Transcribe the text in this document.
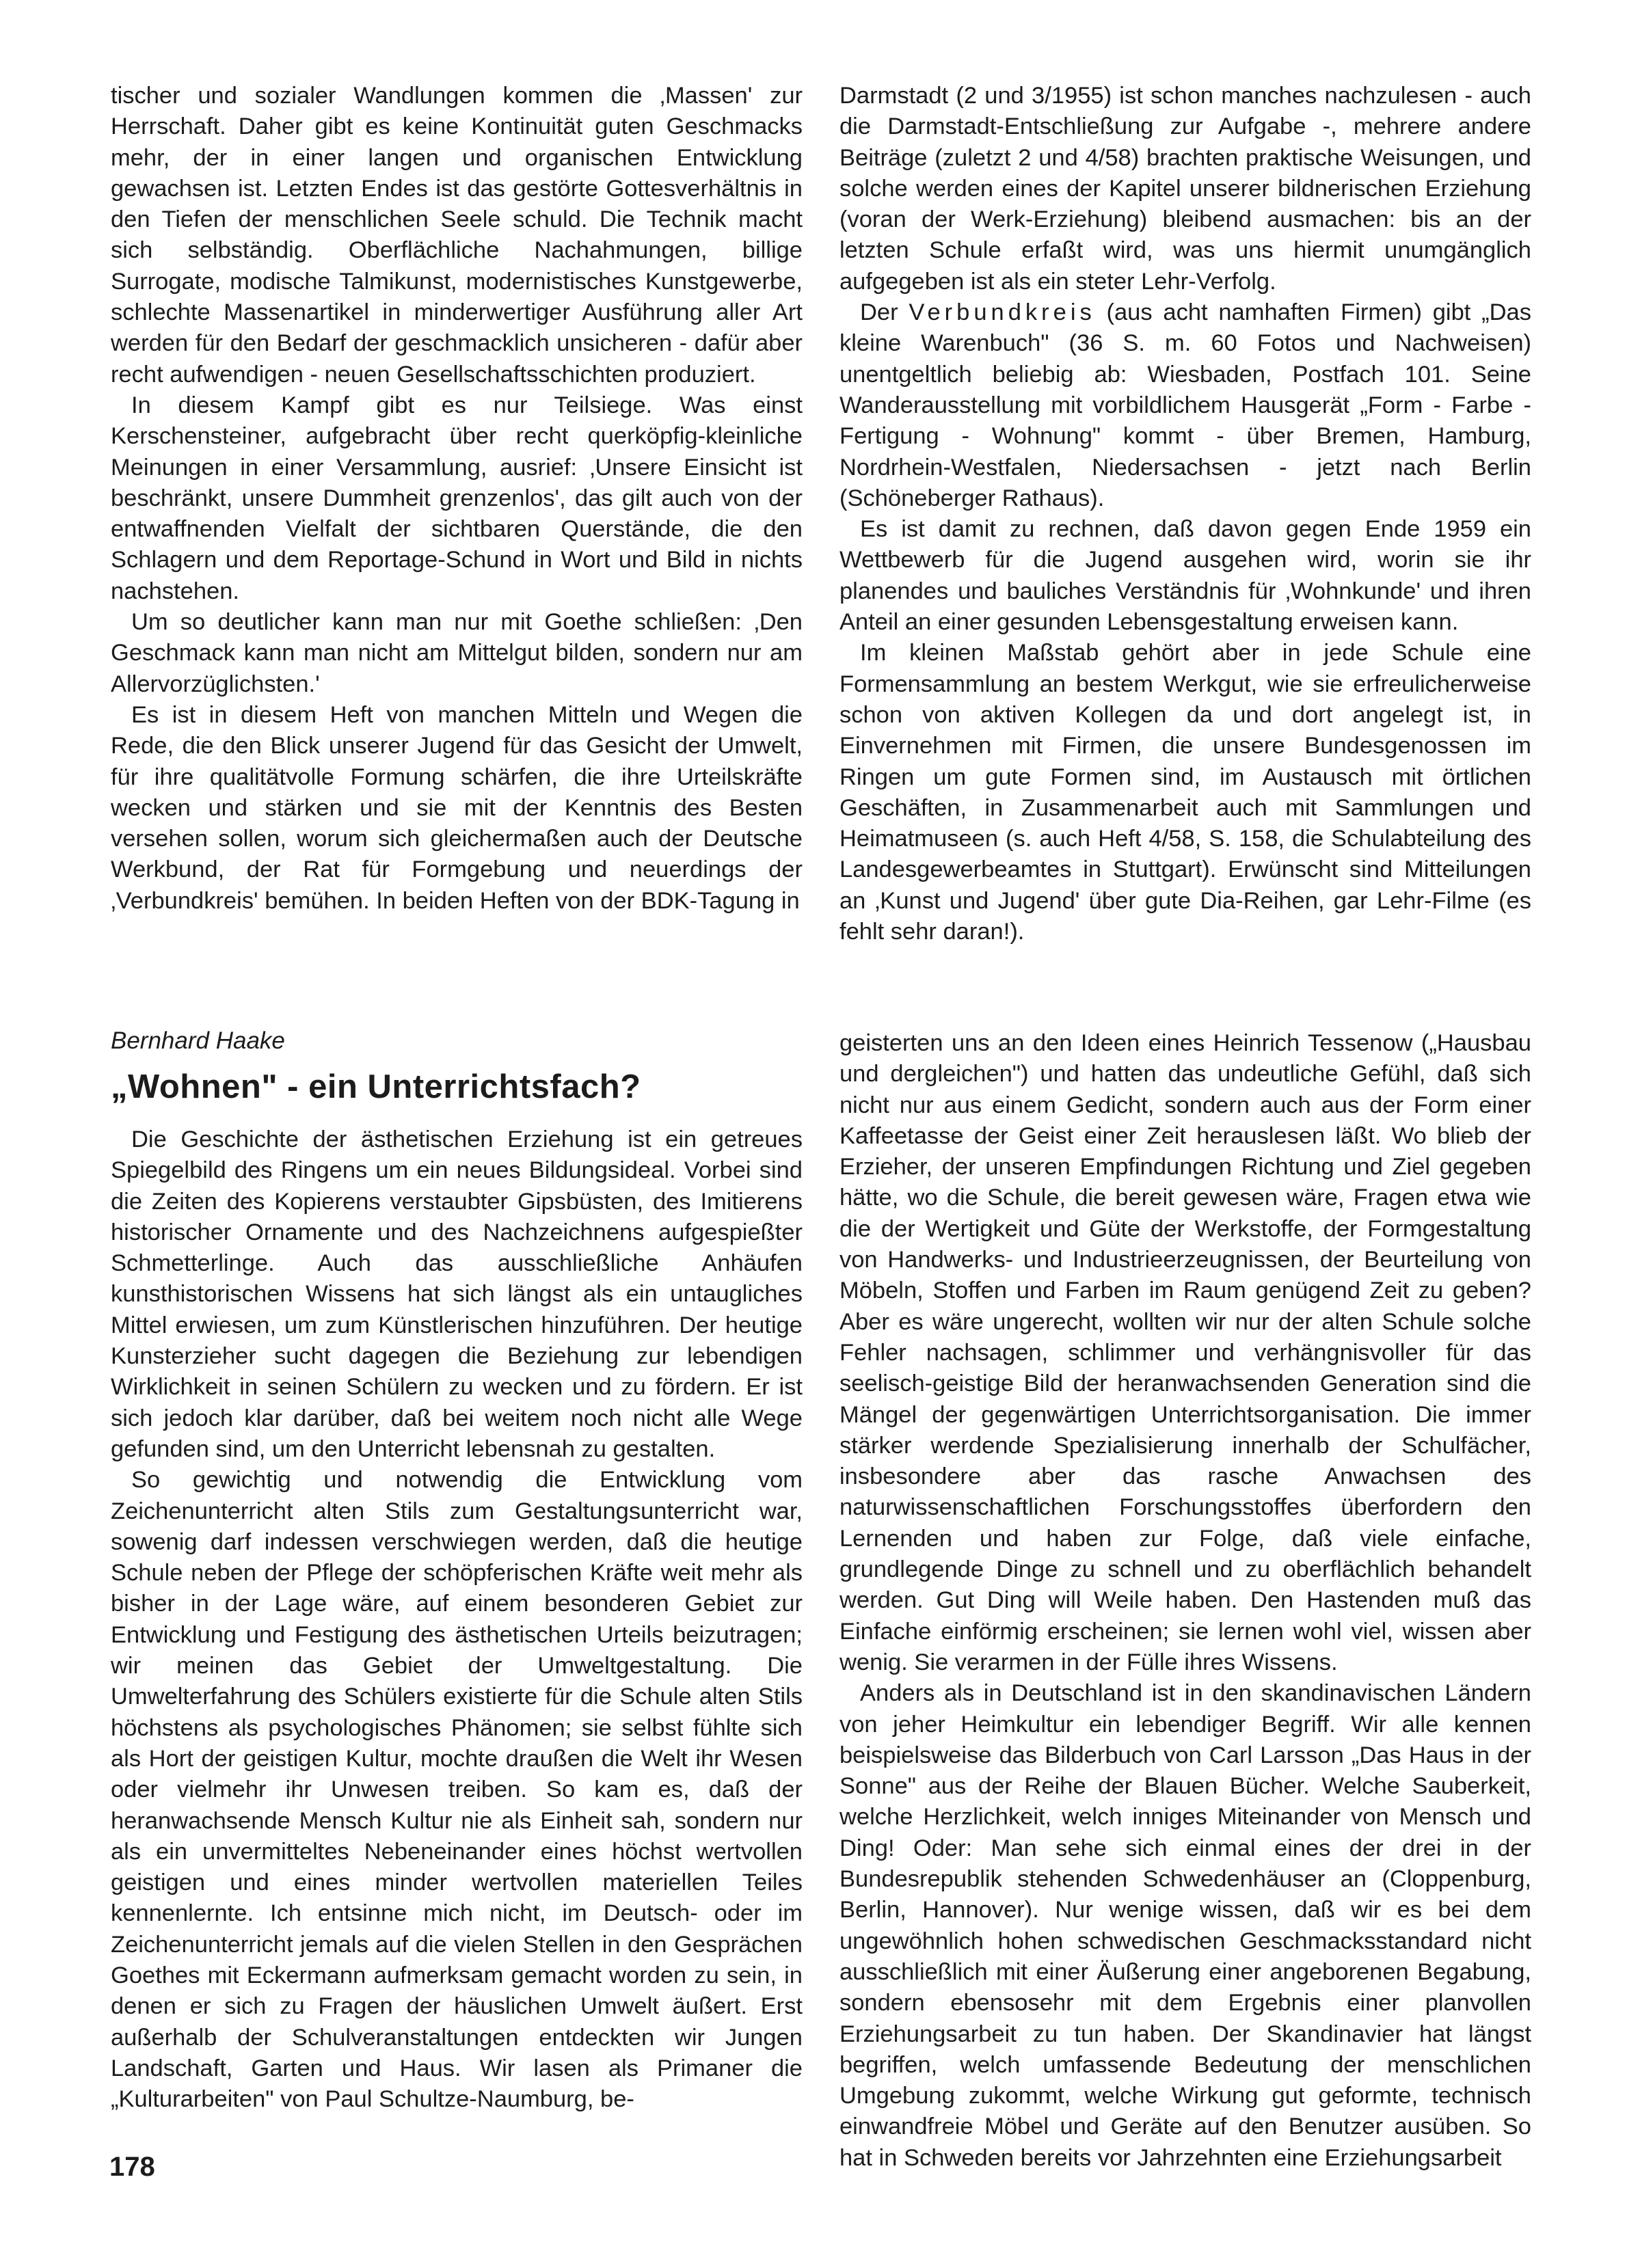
tischer und sozialer Wandlungen kommen die ‚Massen' zur Herrschaft. Daher gibt es keine Kontinuität guten Geschmacks mehr, der in einer langen und organischen Entwicklung gewachsen ist. Letzten Endes ist das gestörte Gottesverhältnis in den Tiefen der menschlichen Seele schuld. Die Technik macht sich selbständig. Oberflächliche Nachahmungen, billige Surrogate, modische Talmikunst, modernistisches Kunstgewerbe, schlechte Massenartikel in minderwertiger Ausführung aller Art werden für den Bedarf der geschmacklich unsicheren - dafür aber recht aufwendigen - neuen Gesellschaftsschichten produziert.

In diesem Kampf gibt es nur Teilsiege. Was einst Kerschensteiner, aufgebracht über recht querköpfig-kleinliche Meinungen in einer Versammlung, ausrief: ‚Unsere Einsicht ist beschränkt, unsere Dummheit grenzenlos', das gilt auch von der entwaffnenden Vielfalt der sichtbaren Querstände, die den Schlagern und dem Reportage-Schund in Wort und Bild in nichts nachstehen.

Um so deutlicher kann man nur mit Goethe schließen: ‚Den Geschmack kann man nicht am Mittelgut bilden, sondern nur am Allervorzüglichsten.'

Es ist in diesem Heft von manchen Mitteln und Wegen die Rede, die den Blick unserer Jugend für das Gesicht der Umwelt, für ihre qualitätvolle Formung schärfen, die ihre Urteilskräfte wecken und stärken und sie mit der Kenntnis des Besten versehen sollen, worum sich gleichermaßen auch der Deutsche Werkbund, der Rat für Formgebung und neuerdings der ‚Verbundkreis' bemühen. In beiden Heften von der BDK-Tagung in

Darmstadt (2 und 3/1955) ist schon manches nachzulesen - auch die Darmstadt-Entschließung zur Aufgabe -, mehrere andere Beiträge (zuletzt 2 und 4/58) brachten praktische Weisungen, und solche werden eines der Kapitel unserer bildnerischen Erziehung (voran der Werk-Erziehung) bleibend ausmachen: bis an der letzten Schule erfaßt wird, was uns hiermit unumgänglich aufgegeben ist als ein steter Lehr-Verfolg.

Der Verbundkreis (aus acht namhaften Firmen) gibt „Das kleine Warenbuch" (36 S. m. 60 Fotos und Nachweisen) unentgeltlich beliebig ab: Wiesbaden, Postfach 101. Seine Wanderausstellung mit vorbildlichem Hausgerät „Form - Farbe - Fertigung - Wohnung" kommt - über Bremen, Hamburg, Nordrhein-Westfalen, Niedersachsen - jetzt nach Berlin (Schöneberger Rathaus).

Es ist damit zu rechnen, daß davon gegen Ende 1959 ein Wettbewerb für die Jugend ausgehen wird, worin sie ihr planendes und bauliches Verständnis für ‚Wohnkunde' und ihren Anteil an einer gesunden Lebensgestaltung erweisen kann.

Im kleinen Maßstab gehört aber in jede Schule eine Formensammlung an bestem Werkgut, wie sie erfreulicherweise schon von aktiven Kollegen da und dort angelegt ist, in Einvernehmen mit Firmen, die unsere Bundesgenossen im Ringen um gute Formen sind, im Austausch mit örtlichen Geschäften, in Zusammenarbeit auch mit Sammlungen und Heimatmuseen (s. auch Heft 4/58, S. 158, die Schulabteilung des Landesgewerbeamtes in Stuttgart). Erwünscht sind Mitteilungen an ‚Kunst und Jugend' über gute Dia-Reihen, gar Lehr-Filme (es fehlt sehr daran!).

Bernhard Haake
„Wohnen" - ein Unterrichtsfach?

Die Geschichte der ästhetischen Erziehung ist ein getreues Spiegelbild des Ringens um ein neues Bildungsideal. Vorbei sind die Zeiten des Kopierens verstaubter Gipsbüsten, des Imitierens historischer Ornamente und des Nachzeichnens aufgespießter Schmetterlinge. Auch das ausschließliche Anhäufen kunsthistorischen Wissens hat sich längst als ein untaugliches Mittel erwiesen, um zum Künstlerischen hinzuführen. Der heutige Kunsterzieher sucht dagegen die Beziehung zur lebendigen Wirklichkeit in seinen Schülern zu wecken und zu fördern. Er ist sich jedoch klar darüber, daß bei weitem noch nicht alle Wege gefunden sind, um den Unterricht lebensnah zu gestalten.

So gewichtig und notwendig die Entwicklung vom Zeichenunterricht alten Stils zum Gestaltungsunterricht war, sowenig darf indessen verschwiegen werden, daß die heutige Schule neben der Pflege der schöpferischen Kräfte weit mehr als bisher in der Lage wäre, auf einem besonderen Gebiet zur Entwicklung und Festigung des ästhetischen Urteils beizutragen; wir meinen das Gebiet der Umweltgestaltung. Die Umwelterfahrung des Schülers existierte für die Schule alten Stils höchstens als psychologisches Phänomen; sie selbst fühlte sich als Hort der geistigen Kultur, mochte draußen die Welt ihr Wesen oder vielmehr ihr Unwesen treiben. So kam es, daß der heranwachsende Mensch Kultur nie als Einheit sah, sondern nur als ein unvermitteltes Nebeneinander eines höchst wertvollen geistigen und eines minder wertvollen materiellen Teiles kennenlernte. Ich entsinne mich nicht, im Deutsch- oder im Zeichenunterricht jemals auf die vielen Stellen in den Gesprächen Goethes mit Eckermann aufmerksam gemacht worden zu sein, in denen er sich zu Fragen der häuslichen Umwelt äußert. Erst außerhalb der Schulveranstaltungen entdeckten wir Jungen Landschaft, Garten und Haus. Wir lasen als Primaner die „Kulturarbeiten" von Paul Schultze-Naumburg, be-

geisterten uns an den Ideen eines Heinrich Tessenow („Hausbau und dergleichen") und hatten das undeutliche Gefühl, daß sich nicht nur aus einem Gedicht, sondern auch aus der Form einer Kaffeetasse der Geist einer Zeit herauslesen läßt. Wo blieb der Erzieher, der unseren Empfindungen Richtung und Ziel gegeben hätte, wo die Schule, die bereit gewesen wäre, Fragen etwa wie die der Wertigkeit und Güte der Werkstoffe, der Formgestaltung von Handwerks- und Industrieerzeugnissen, der Beurteilung von Möbeln, Stoffen und Farben im Raum genügend Zeit zu geben? Aber es wäre ungerecht, wollten wir nur der alten Schule solche Fehler nachsagen, schlimmer und verhängnisvoller für das seelisch-geistige Bild der heranwachsenden Generation sind die Mängel der gegenwärtigen Unterrichtsorganisation. Die immer stärker werdende Spezialisierung innerhalb der Schulfächer, insbesondere aber das rasche Anwachsen des naturwissenschaftlichen Forschungsstoffes überfordern den Lernenden und haben zur Folge, daß viele einfache, grundlegende Dinge zu schnell und zu oberflächlich behandelt werden. Gut Ding will Weile haben. Den Hastenden muß das Einfache einförmig erscheinen; sie lernen wohl viel, wissen aber wenig. Sie verarmen in der Fülle ihres Wissens.

Anders als in Deutschland ist in den skandinavischen Ländern von jeher Heimkultur ein lebendiger Begriff. Wir alle kennen beispielsweise das Bilderbuch von Carl Larsson „Das Haus in der Sonne" aus der Reihe der Blauen Bücher. Welche Sauberkeit, welche Herzlichkeit, welch inniges Miteinander von Mensch und Ding! Oder: Man sehe sich einmal eines der drei in der Bundesrepublik stehenden Schwedenhäuser an (Cloppenburg, Berlin, Hannover). Nur wenige wissen, daß wir es bei dem ungewöhnlich hohen schwedischen Geschmacksstandard nicht ausschließlich mit einer Äußerung einer angeborenen Begabung, sondern ebensosehr mit dem Ergebnis einer planvollen Erziehungsarbeit zu tun haben. Der Skandinavier hat längst begriffen, welch umfassende Bedeutung der menschlichen Umgebung zukommt, welche Wirkung gut geformte, technisch einwandfreie Möbel und Geräte auf den Benutzer ausüben. So hat in Schweden bereits vor Jahrzehnten eine Erziehungsarbeit

178
